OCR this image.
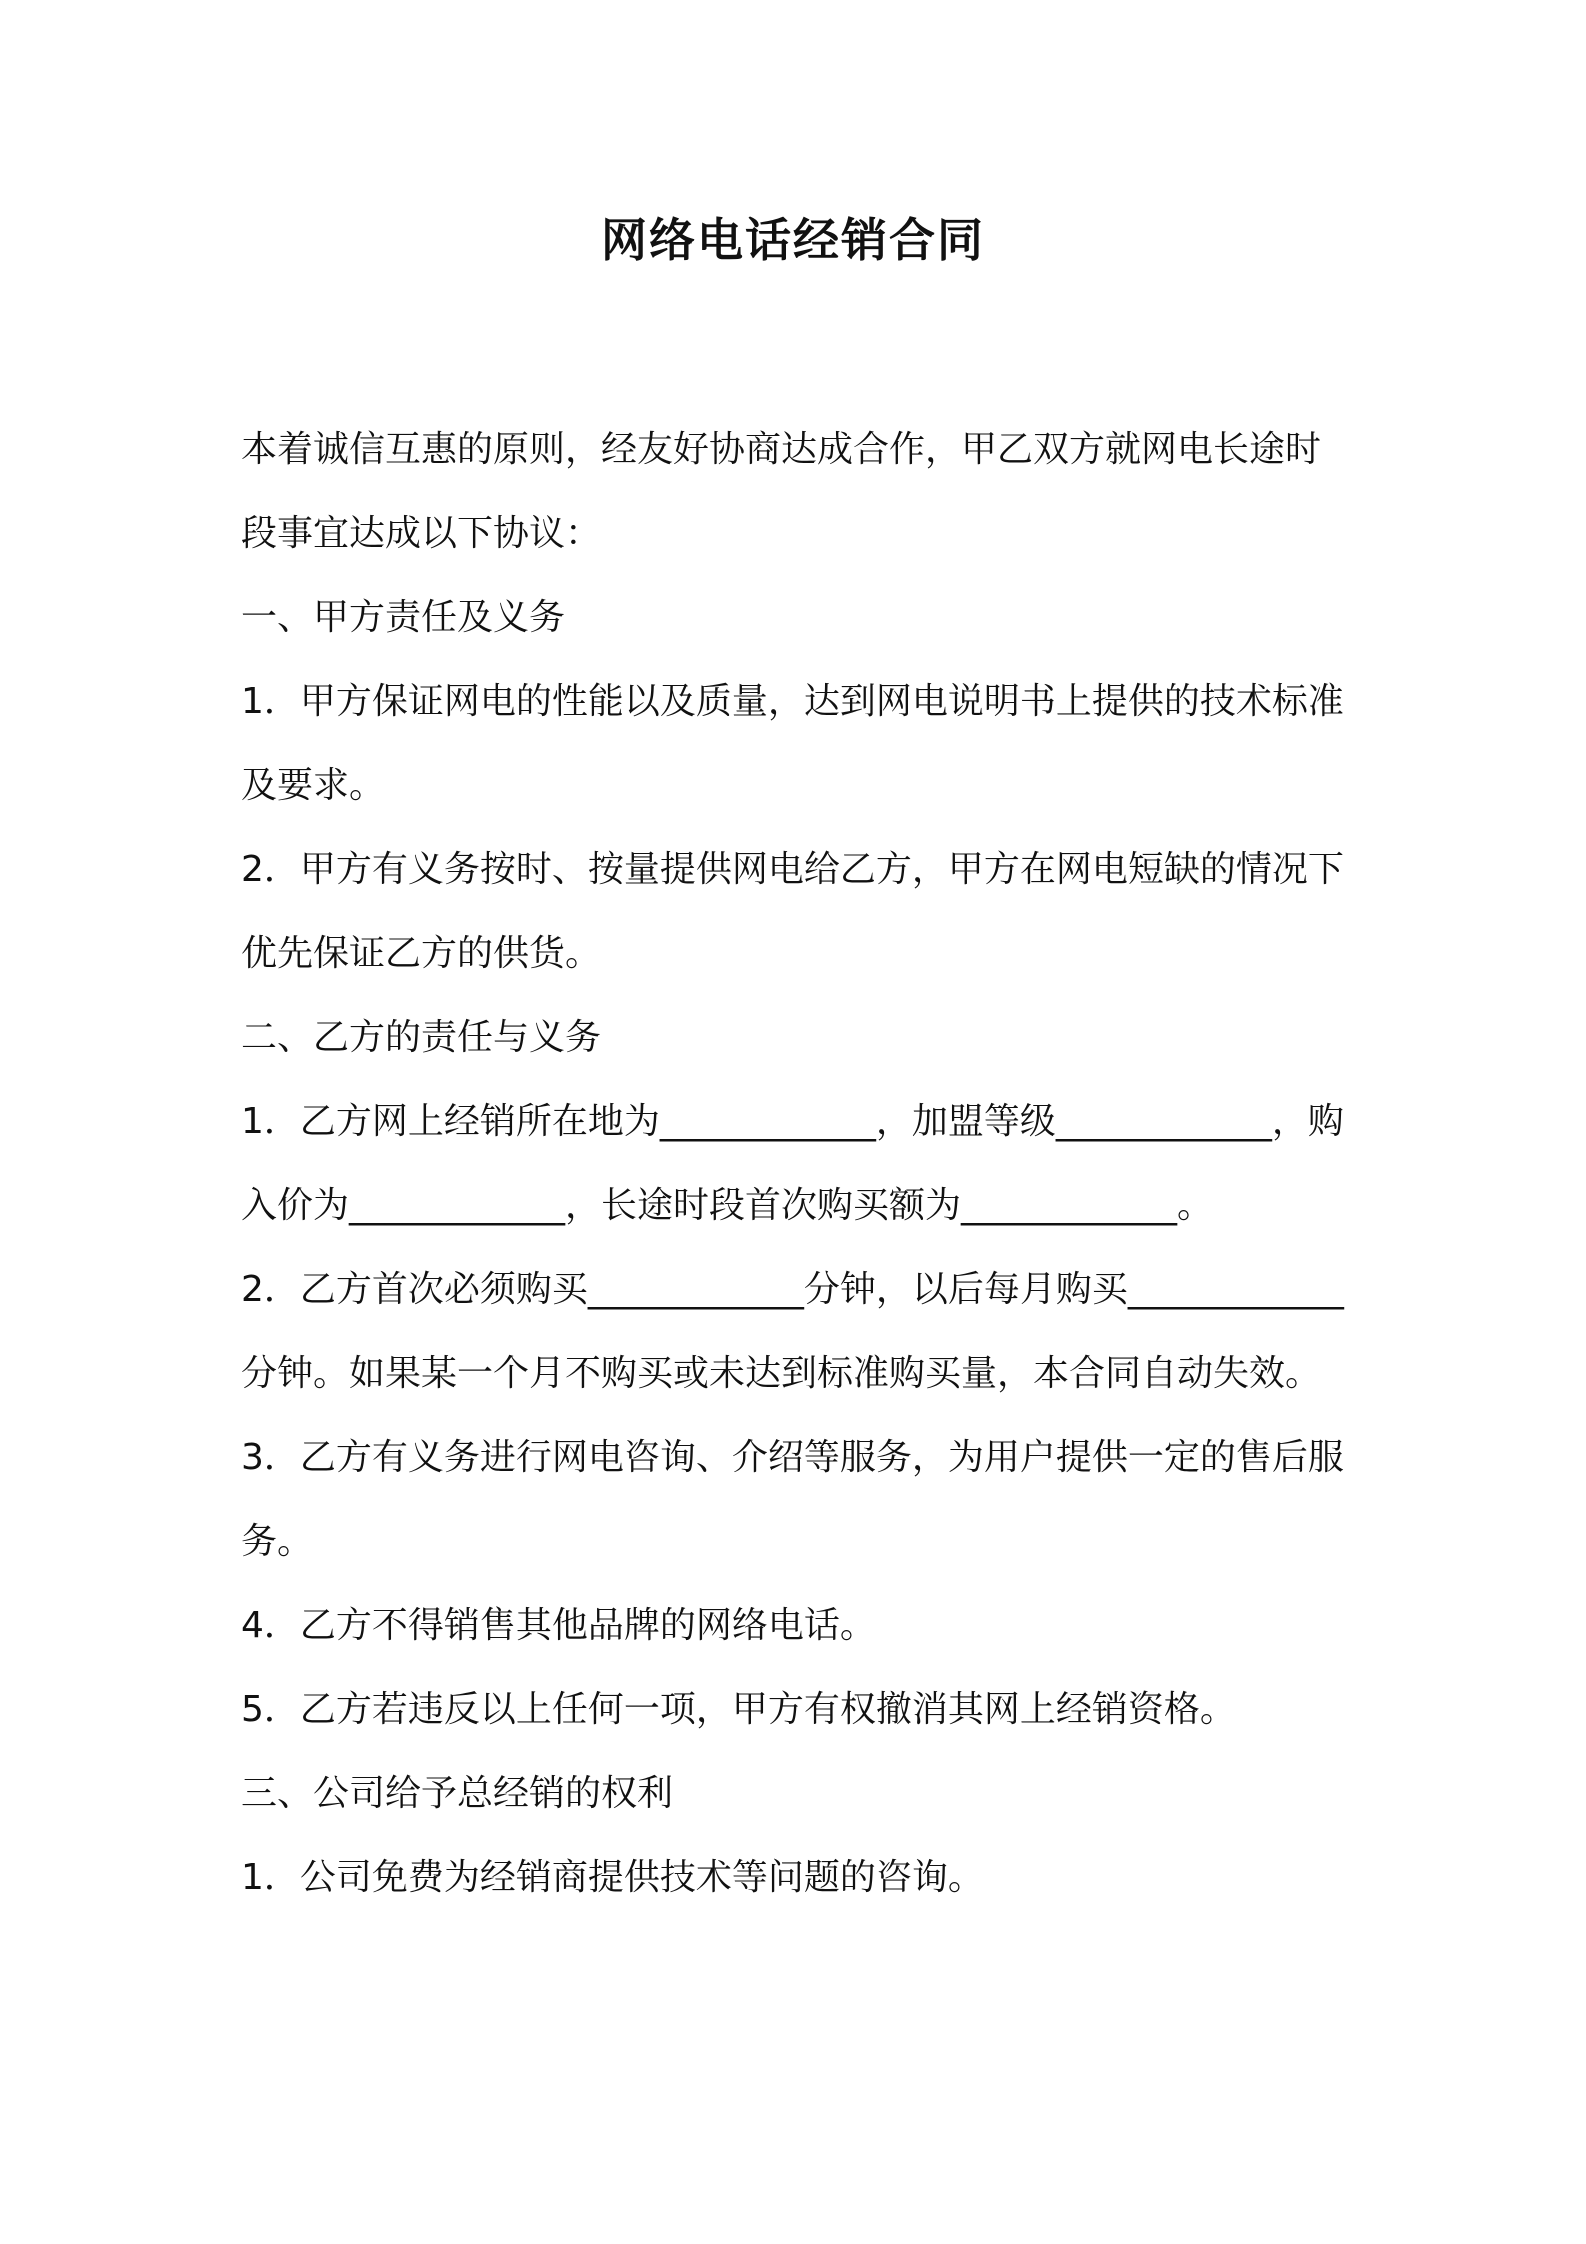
网络电话经销合同

本着诚信互惠的原则，经友好协商达成合作，甲乙双方就网电长途时段事宜达成以下协议：

一、甲方责任及义务

1．甲方保证网电的性能以及质量，达到网电说明书上提供的技术标准及要求。

2．甲方有义务按时、按量提供网电给乙方，甲方在网电短缺的情况下优先保证乙方的供货。

二、乙方的责任与义务

1．乙方网上经销所在地为____________，加盟等级____________，购入价为____________，长途时段首次购买额为____________。

2．乙方首次必须购买____________分钟，以后每月购买____________分钟。如果某一个月不购买或未达到标准购买量，本合同自动失效。

3．乙方有义务进行网电咨询、介绍等服务，为用户提供一定的售后服务。

4．乙方不得销售其他品牌的网络电话。

5．乙方若违反以上任何一项，甲方有权撤消其网上经销资格。

三、公司给予总经销的权利

1．公司免费为经销商提供技术等问题的咨询。
